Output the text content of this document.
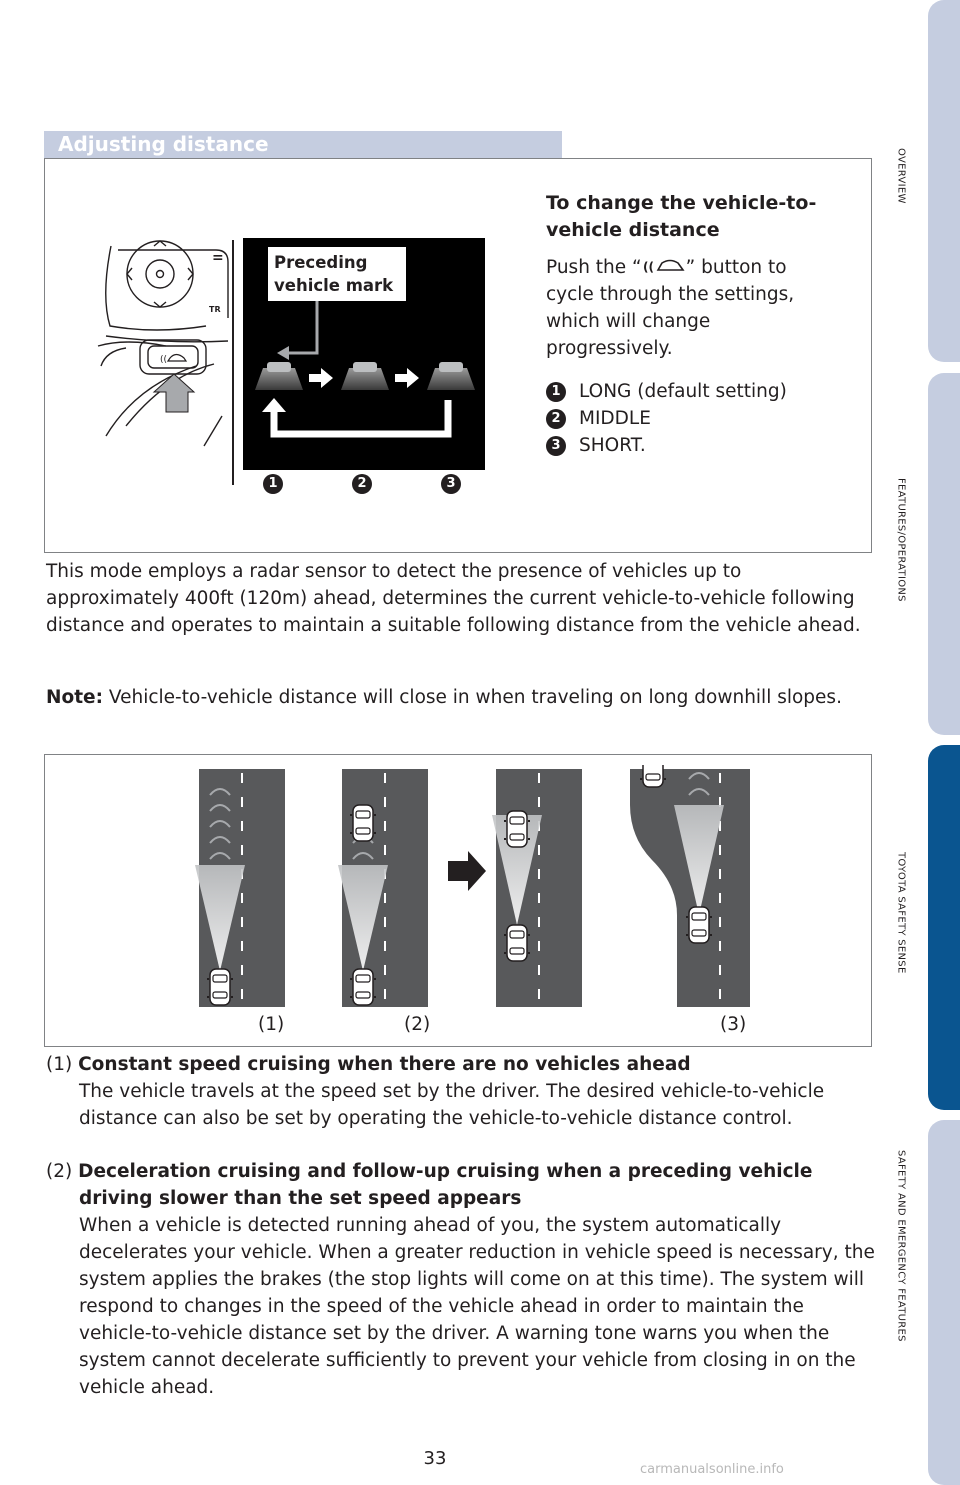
OVERVIEW
FEATURES/OPERATIONS
TOYOTA SAFETY SENSE
SAFETY AND EMERGENCY FEATURES
Adjusting distance
=
TR
((
Preceding vehicle mark
1	2	3
To change the vehicle-to-vehicle distance
Push the “ (( ” button to cycle through the settings, which will change progressively.
1 LONG (default setting)
2 MIDDLE
3 SHORT.
This mode employs a radar sensor to detect the presence of vehicles up to approximately 400ft (120m) ahead, determines the current vehicle-to-vehicle following distance and operates to maintain a suitable following distance from the vehicle ahead.
Note: Vehicle-to-vehicle distance will close in when traveling on long downhill slopes.
(1)	(2)	(3)
(1) Constant speed cruising when there are no vehicles ahead
The vehicle travels at the speed set by the driver. The desired vehicle-to-vehicle distance can also be set by operating the vehicle-to-vehicle distance control.
(2) Deceleration cruising and follow-up cruising when a preceding vehicle
driving slower than the set speed appears
When a vehicle is detected running ahead of you, the system automatically decelerates your vehicle. When a greater reduction in vehicle speed is necessary, the system applies the brakes (the stop lights will come on at this time). The system will respond to changes in the speed of the vehicle ahead in order to maintain the vehicle-to-vehicle distance set by the driver. A warning tone warns you when the system cannot decelerate sufficiently to prevent your vehicle from closing in on the vehicle ahead.
33
carmanualsonline.info
